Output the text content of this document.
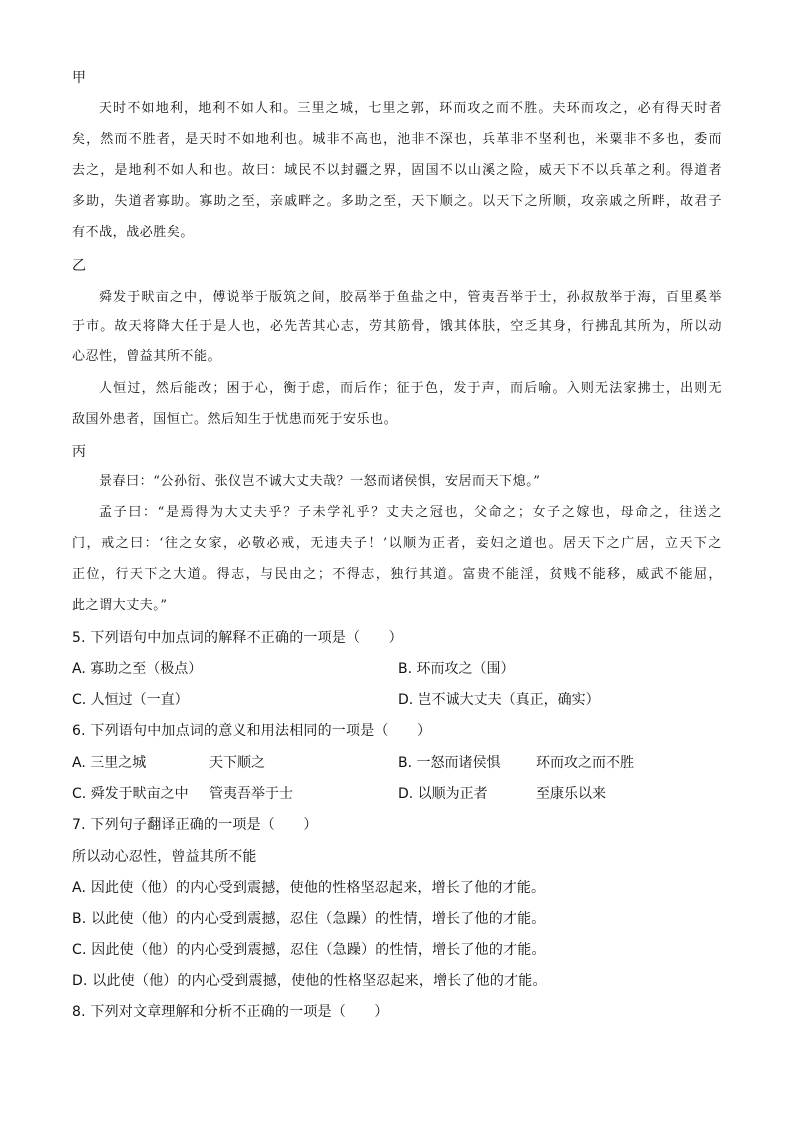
甲
天时不如地利，地利不如人和。三里之城，七里之郭，环而攻之而不胜。夫环而攻之，必有得天时者
矣，然而不胜者，是天时不如地利也。城非不高也，池非不深也，兵革非不坚利也，米粟非不多也，委而
去之，是地利不如人和也。故曰：域民不以封疆之界，固国不以山溪之险，威天下不以兵革之利。得道者
多助，失道者寡助。寡助之至，亲戚畔之。多助之至，天下顺之。以天下之所顺，攻亲戚之所畔，故君子
有不战，战必胜矣。
乙
舜发于畎亩之中，傅说举于版筑之间，胶鬲举于鱼盐之中，管夷吾举于士，孙叔敖举于海，百里奚举
于市。故天将降大任于是人也，必先苦其心志，劳其筋骨，饿其体肤，空乏其身，行拂乱其所为，所以动
心忍性，曾益其所不能。
人恒过，然后能改；困于心，衡于虑，而后作；征于色，发于声，而后喻。入则无法家拂士，出则无
敌国外患者，国恒亡。然后知生于忧患而死于安乐也。
丙
景春曰：“公孙衍、张仪岂不诚大丈夫哉？一怒而诸侯惧，安居而天下熄。”
孟子曰：“是焉得为大丈夫乎？子未学礼乎？丈夫之冠也，父命之；女子之嫁也，母命之，往送之
门，戒之曰：‘往之女家，必敬必戒，无违夫子！’以顺为正者，妾妇之道也。居天下之广居，立天下之
正位，行天下之大道。得志，与民由之；不得志，独行其道。富贵不能淫，贫贱不能移，威武不能屈，
此之谓大丈夫。”
5. 下列语句中加点词的解释不正确的一项是（　　）
A. 寡助之至（极点）	B. 环而攻之（围）
C. 人恒过（一直）	D. 岂不诚大丈夫（真正，确实）
6. 下列语句中加点词的意义和用法相同的一项是（　　）
A. 三里之城	天下顺之	B. 一怒而诸侯惧	环而攻之而不胜
C. 舜发于畎亩之中 管夷吾举于士	D. 以顺为正者	至康乐以来
7. 下列句子翻译正确的一项是（　　）
所以动心忍性，曾益其所不能
A. 因此使（他）的内心受到震撼，使他的性格坚忍起来，增长了他的才能。
B. 以此使（他）的内心受到震撼，忍住（急躁）的性情，增长了他的才能。
C. 因此使（他）的内心受到震撼，忍住（急躁）的性情，增长了他的才能。
D. 以此使（他）的内心受到震撼，使他的性格坚忍起来，增长了他的才能。
8. 下列对文章理解和分析不正确的一项是（　　）
